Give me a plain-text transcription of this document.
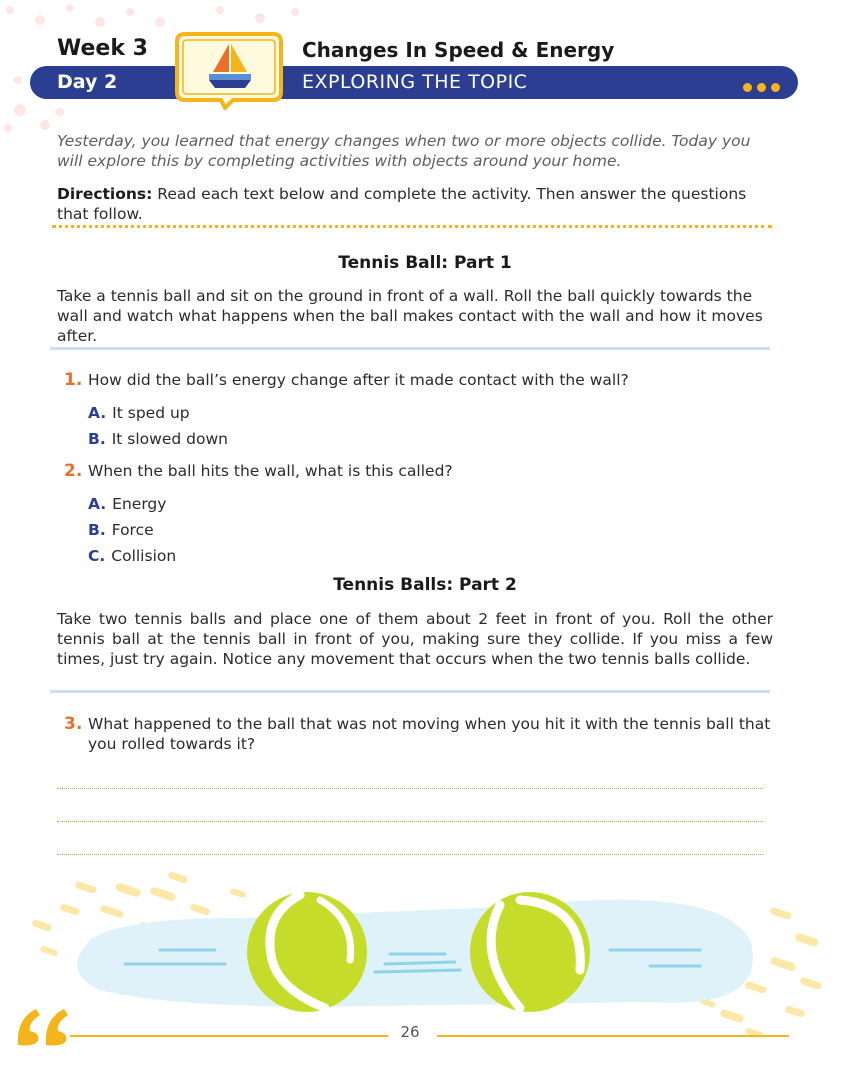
Week 3
Day 2
Changes In Speed & Energy
EXPLORING THE TOPIC
Yesterday, you learned that energy changes when two or more objects collide. Today you will explore this by completing activities with objects around your home.
Directions: Read each text below and complete the activity. Then answer the questions that follow.
Tennis Ball: Part 1
Take a tennis ball and sit on the ground in front of a wall. Roll the ball quickly towards the wall and watch what happens when the ball makes contact with the wall and how it moves after.
1. How did the ball’s energy change after it made contact with the wall?
A. It sped up
B. It slowed down
2. When the ball hits the wall, what is this called?
A. Energy
B. Force
C. Collision
Tennis Balls: Part 2
Take two tennis balls and place one of them about 2 feet in front of you. Roll the other tennis ball at the tennis ball in front of you, making sure they collide. If you miss a few times, just try again. Notice any movement that occurs when the two tennis balls collide.
3. What happened to the ball that was not moving when you hit it with the tennis ball that you rolled towards it?
26
